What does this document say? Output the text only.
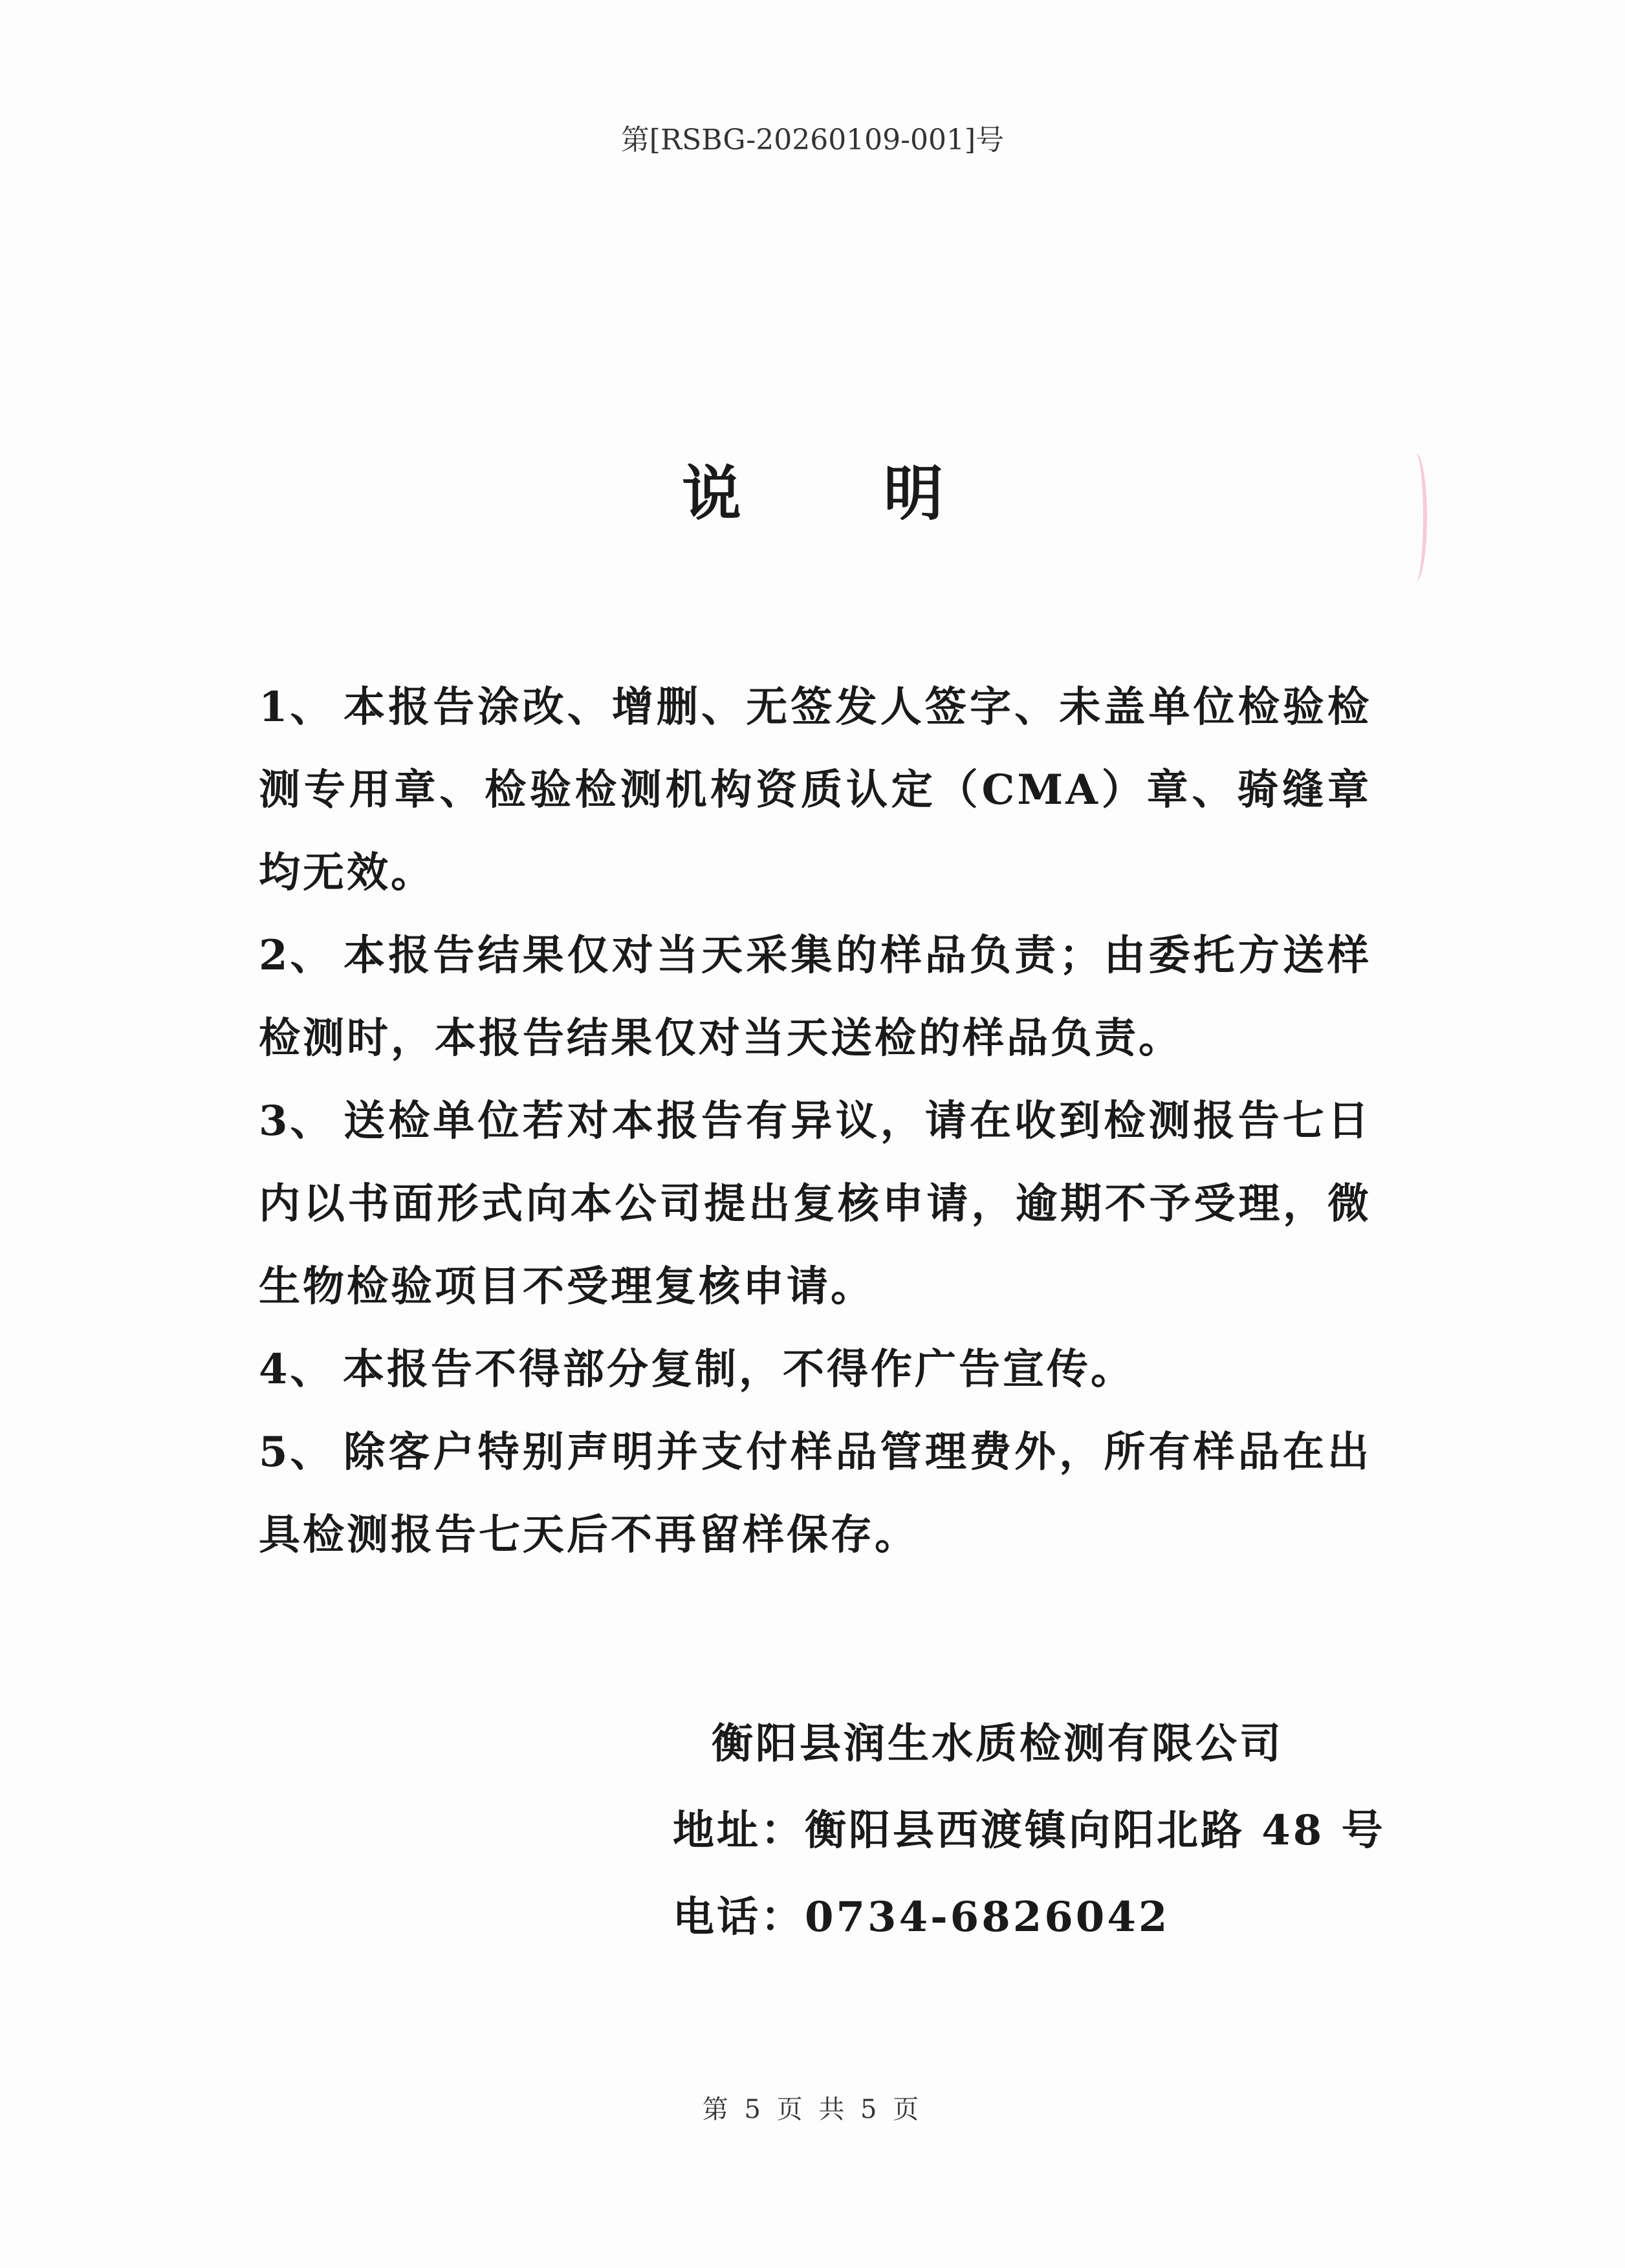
第[RSBG-20260109-001]号
说明

1、 本报告涂改、增删、无签发人签字、未盖单位检验检测专用章、检验检测机构资质认定（CMA）章、骑缝章均无效。

2、 本报告结果仅对当天采集的样品负责；由委托方送样检测时，本报告结果仅对当天送检的样品负责。

3、 送检单位若对本报告有异议，请在收到检测报告七日内以书面形式向本公司提出复核申请，逾期不予受理，微生物检验项目不受理复核申请。

4、 本报告不得部分复制，不得作广告宣传。

5、 除客户特别声明并支付样品管理费外，所有样品在出具检测报告七天后不再留样保存。

衡阳县润生水质检测有限公司
地址：衡阳县西渡镇向阳北路 48 号
电话：0734-6826042
第 5 页 共 5 页
